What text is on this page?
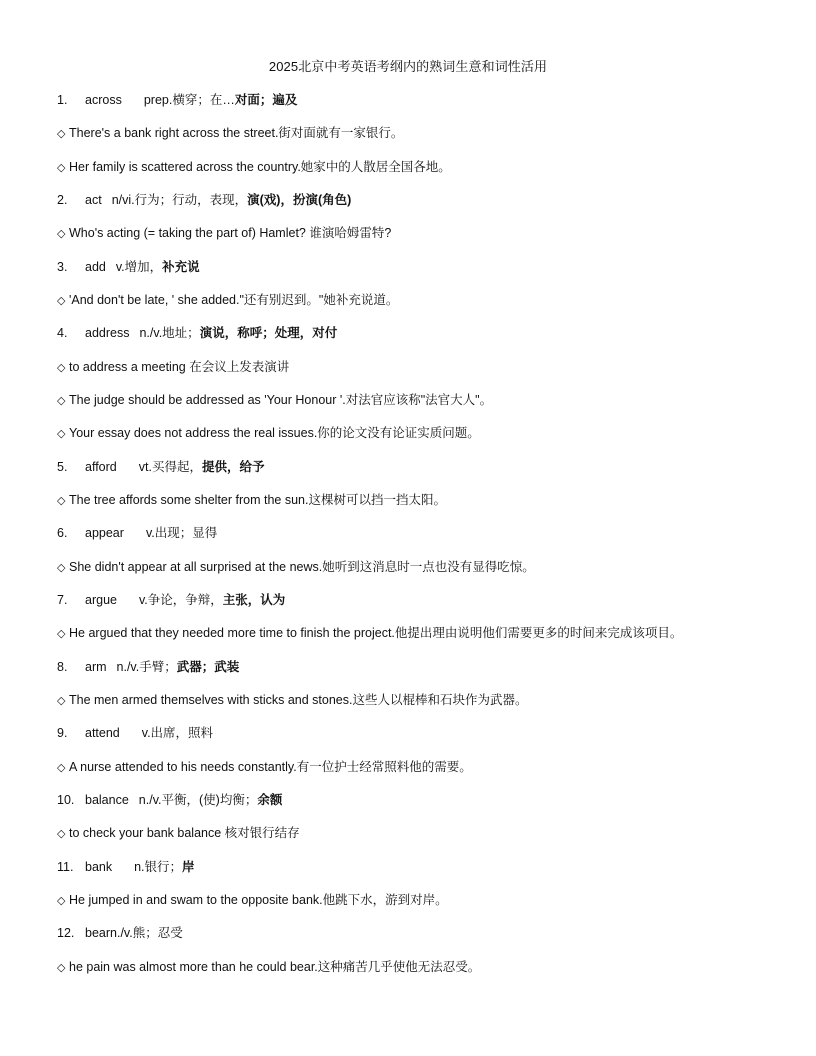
2025北京中考英语考纲内的熟词生意和词性活用
1. across prep.横穿；在…对面；遍及
◇ There's a bank right across the street.街对面就有一家银行。
◇ Her family is scattered across the country.她家中的人散居全国各地。
2. act n/vi.行为；行动，表现，演(戏)，扮演(角色)
◇ Who's acting (= taking the part of) Hamlet? 谁演哈姆雷特?
3. add v.增加，补充说
◇ 'And don't be late, ' she added."还有别迟到。"她补充说道。
4. address n./v.地址；演说，称呼；处理，对付
◇ to address a meeting 在会议上发表演讲
◇ The judge should be addressed as 'Your Honour '.对法官应该称"法官大人"。
◇ Your essay does not address the real issues.你的论文没有论证实质问题。
5. afford vt.买得起，提供，给予
◇ The tree affords some shelter from the sun.这棵树可以挡一挡太阳。
6. appear v.出现；显得
◇ She didn't appear at all surprised at the news.她听到这消息时一点也没有显得吃惊。
7. argue v.争论，争辩，主张，认为
◇ He argued that they needed more time to finish the project.他提出理由说明他们需要更多的时间来完成该项目。
8. arm n./v.手臂；武器；武装
◇ The men armed themselves with sticks and stones.这些人以棍棒和石块作为武器。
9. attend v.出席，照料
◇ A nurse attended to his needs constantly.有一位护士经常照料他的需要。
10. balance n./v.平衡，(使)均衡；余额
◇ to check your bank balance 核对银行结存
11. bank n.银行；岸
◇ He jumped in and swam to the opposite bank.他跳下水，游到对岸。
12. bearn./v.熊；忍受
◇ he pain was almost more than he could bear.这种痛苦几乎使他无法忍受。
